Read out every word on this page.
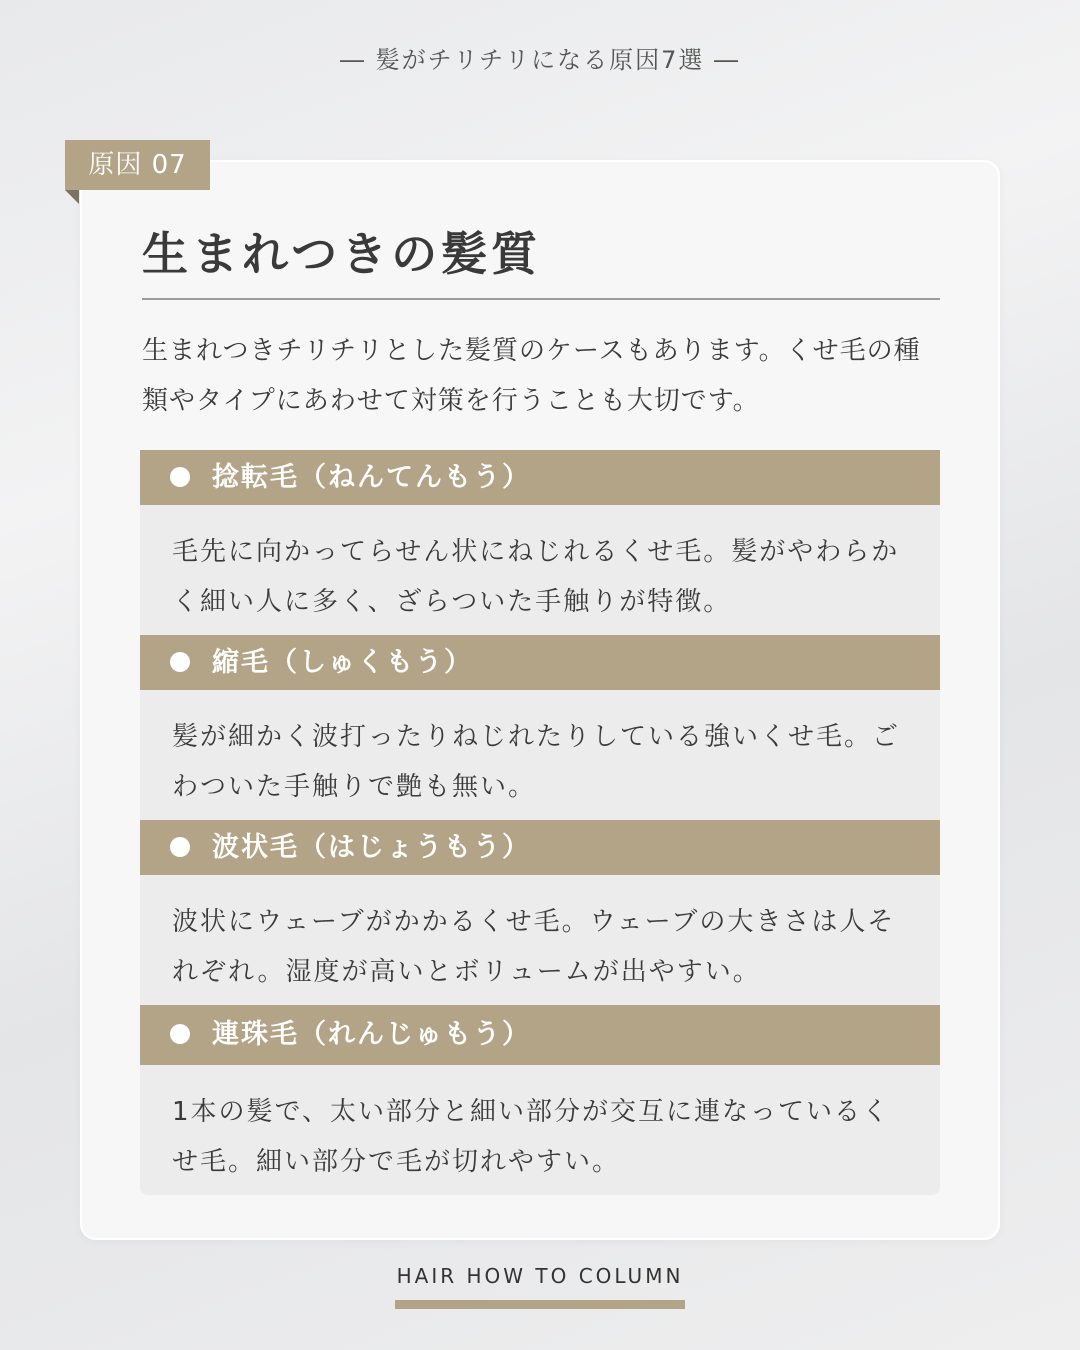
― 髪がチリチリになる原因7選 ―
原因 07
生まれつきの髪質
生まれつきチリチリとした髪質のケースもあります。くせ毛の種類やタイプにあわせて対策を行うことも大切です。
捻転毛（ねんてんもう）
毛先に向かってらせん状にねじれるくせ毛。髪がやわらかく細い人に多く、ざらついた手触りが特徴。
縮毛（しゅくもう）
髪が細かく波打ったりねじれたりしている強いくせ毛。ごわついた手触りで艶も無い。
波状毛（はじょうもう）
波状にウェーブがかかるくせ毛。ウェーブの大きさは人それぞれ。湿度が高いとボリュームが出やすい。
連珠毛（れんじゅもう）
1本の髪で、太い部分と細い部分が交互に連なっているくせ毛。細い部分で毛が切れやすい。
HAIR HOW TO COLUMN
